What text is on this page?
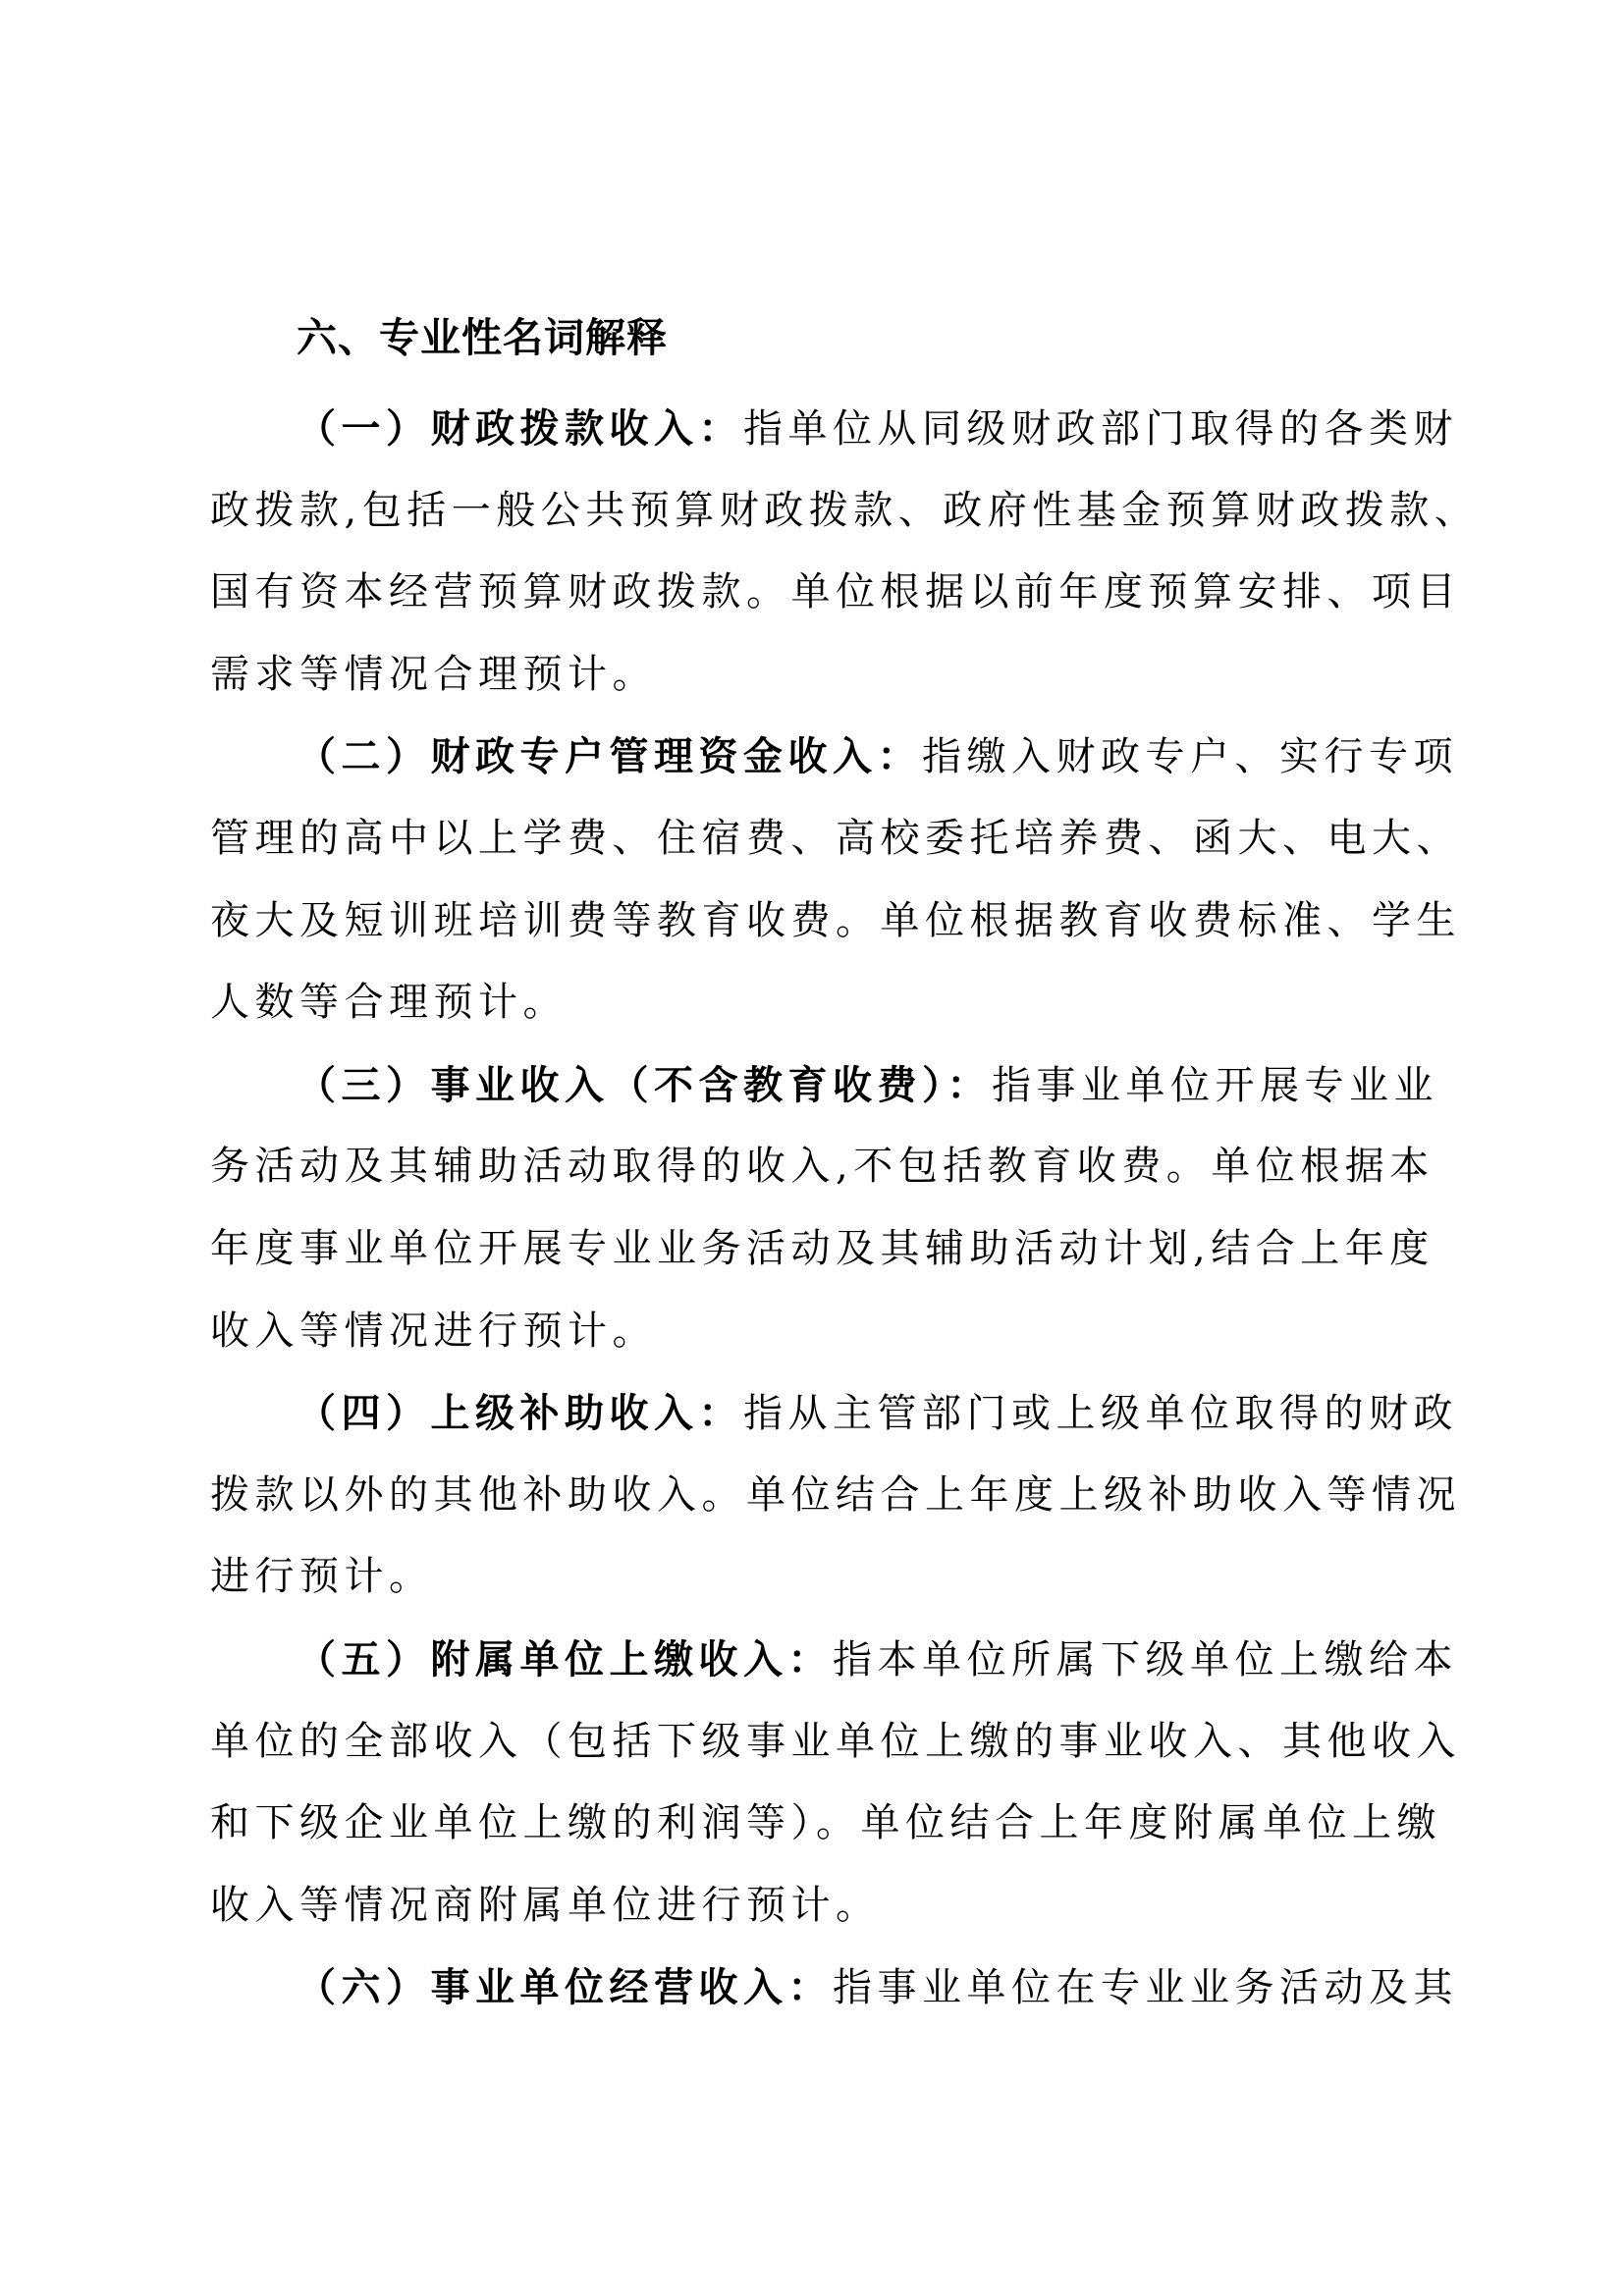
六、专业性名词解释
（一）财政拨款收入：指单位从同级财政部门取得的各类财
政拨款,包括一般公共预算财政拨款、政府性基金预算财政拨款、
国有资本经营预算财政拨款。单位根据以前年度预算安排、项目
需求等情况合理预计。
（二）财政专户管理资金收入：指缴入财政专户、实行专项
管理的高中以上学费、住宿费、高校委托培养费、函大、电大、
夜大及短训班培训费等教育收费。单位根据教育收费标准、学生
人数等合理预计。
（三）事业收入（不含教育收费）：指事业单位开展专业业
务活动及其辅助活动取得的收入,不包括教育收费。单位根据本
年度事业单位开展专业业务活动及其辅助活动计划,结合上年度
收入等情况进行预计。
（四）上级补助收入：指从主管部门或上级单位取得的财政
拨款以外的其他补助收入。单位结合上年度上级补助收入等情况
进行预计。
（五）附属单位上缴收入：指本单位所属下级单位上缴给本
单位的全部收入（包括下级事业单位上缴的事业收入、其他收入
和下级企业单位上缴的利润等）。单位结合上年度附属单位上缴
收入等情况商附属单位进行预计。
（六）事业单位经营收入：指事业单位在专业业务活动及其
